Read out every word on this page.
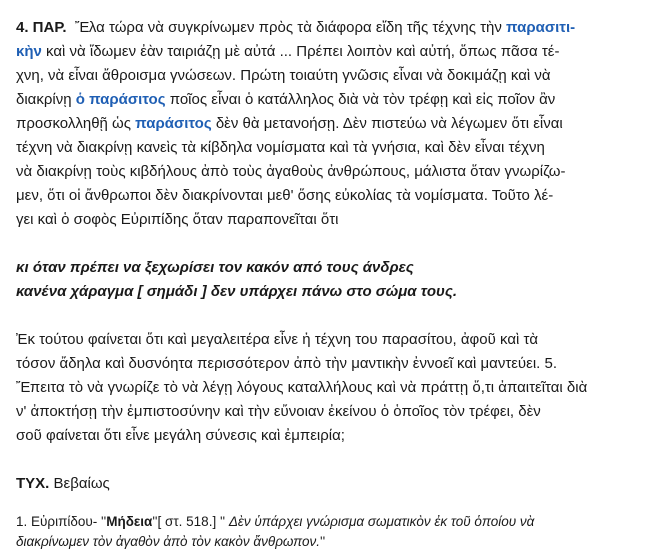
4. ΠΑΡ. Ἔλα τώρα νὰ συγκρίνωμεν πρὸς τὰ διάφορα εἴδη τῆς τέχνης τὴν παρασιτι-
κὴν καὶ νὰ ἴδωμεν ἐὰν ταιριάζῃ μὲ αὐτά ... Πρέπει λοιπὸν καὶ αὐτή, ὅπως πᾶσα τέ-
χνη, νὰ εἶναι ἄθροισμα γνώσεων. Πρώτη τοιαύτη γνῶσις εἶναι νὰ δοκιμάζῃ καὶ νὰ
διακρίνῃ ὁ παράσιτος ποῖος εἶναι ὁ κατάλληλος διὰ νὰ τὸν τρέφῃ καὶ εἰς ποῖον ἂν
προσκολληθῇ ὡς παράσιτος δὲν θὰ μετανοήσῃ. Δὲν πιστεύω νὰ λέγωμεν ὅτι εἶναι
τέχνη νὰ διακρίνῃ κανεὶς τὰ κίβδηλα νομίσματα καὶ τὰ γνήσια, καὶ δὲν εἶναι τέχνη
νὰ διακρίνῃ τοὺς κιβδήλους ἀπὸ τοὺς ἀγαθοὺς ἀνθρώπους, μάλιστα ὅταν γνωρίζω-
μεν, ὅτι οἱ ἄνθρωποι δὲν διακρίνονται μεθ' ὅσης εὐκολίας τὰ νομίσματα. Τοῦτο λέ-
γει καὶ ὁ σοφὸς Εὐριπίδης ὅταν παραπονεῖται ὅτι
κι όταν πρέπει να ξεχωρίσει τον κακόν από τους άνδρες
κανένα χάραγμα [ σημάδι ] δεν υπάρχει πάνω στο σώμα τους.
Ἐκ τούτου φαίνεται ὅτι καὶ μεγαλειτέρα εἶνε ἡ τέχνη του παρασίτου, ἀφοῦ καὶ τὰ
τόσον ἄδηλα καὶ δυσνόητα περισσότερον ἀπὸ τὴν μαντικὴν ἐννοεῖ καὶ μαντεύει. 5.
Ἔπειτα τὸ νὰ γνωρίζε τὸ νὰ λέγῃ λόγους καταλλήλους καὶ νὰ πράττῃ ὅ,τι ἀπαιτεῖται διὰ
ν' ἀποκτήσῃ τὴν ἐμπιστοσύνην καὶ τὴν εὔνοιαν ἐκείνου ὁ ὁποῖος τὸν τρέφει, δὲν
σοῦ φαίνεται ὅτι εἶνε μεγάλη σύνεσις καὶ ἐμπειρία;
ΤΥΧ. Βεβαίως
1. Εὐριπίδου- ''Μήδεια''[ στ. 518.] '' Δὲν ὑπάρχει γνώρισμα σωματικὸν ἐκ τοῦ ὁποίου νὰ
διακρίνωμεν τὸν ἀγαθὸν ἀπὸ τὸν κακὸν ἄνθρωπον.''
